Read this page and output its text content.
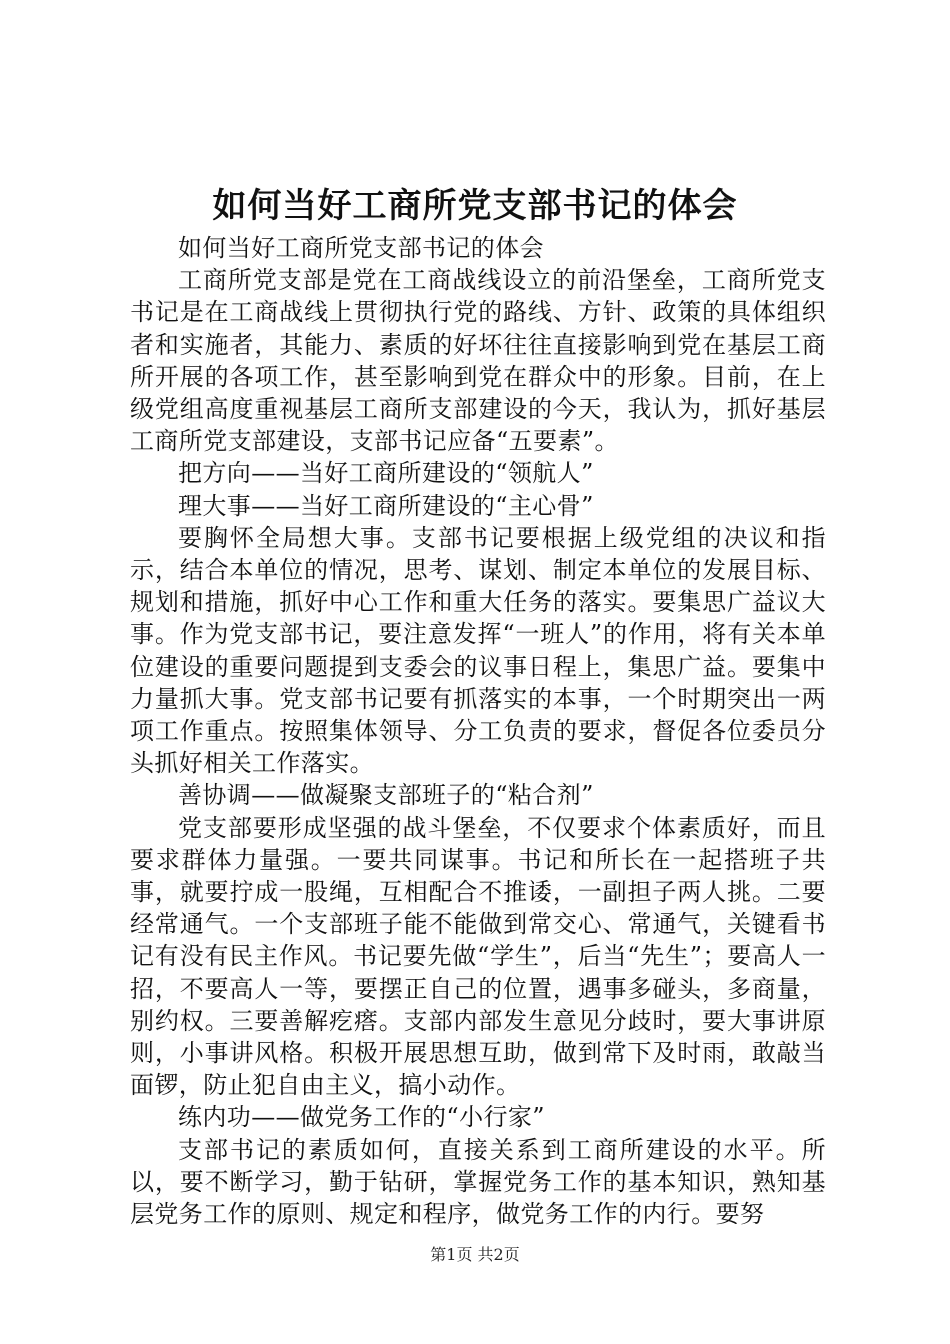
如何当好工商所党支部书记的体会

如何当好工商所党支部书记的体会

工商所党支部是党在工商战线设立的前沿堡垒，工商所党支书记是在工商战线上贯彻执行党的路线、方针、政策的具体组织者和实施者，其能力、素质的好坏往往直接影响到党在基层工商所开展的各项工作，甚至影响到党在群众中的形象。目前，在上级党组高度重视基层工商所支部建设的今天，我认为，抓好基层工商所党支部建设，支部书记应备“五要素”。

把方向——当好工商所建设的“领航人”

理大事——当好工商所建设的“主心骨”

要胸怀全局想大事。支部书记要根据上级党组的决议和指示，结合本单位的情况，思考、谋划、制定本单位的发展目标、规划和措施，抓好中心工作和重大任务的落实。要集思广益议大事。作为党支部书记，要注意发挥“一班人”的作用，将有关本单位建设的重要问题提到支委会的议事日程上，集思广益。要集中力量抓大事。党支部书记要有抓落实的本事，一个时期突出一两项工作重点。按照集体领导、分工负责的要求，督促各位委员分头抓好相关工作落实。

善协调——做凝聚支部班子的“粘合剂”

党支部要形成坚强的战斗堡垒，不仅要求个体素质好，而且要求群体力量强。一要共同谋事。书记和所长在一起搭班子共事，就要拧成一股绳，互相配合不推诿，一副担子两人挑。二要经常通气。一个支部班子能不能做到常交心、常通气，关键看书记有没有民主作风。书记要先做“学生”，后当“先生”；要高人一招，不要高人一等，要摆正自己的位置，遇事多碰头，多商量，别约权。三要善解疙瘩。支部内部发生意见分歧时，要大事讲原则，小事讲风格。积极开展思想互助，做到常下及时雨，敢敲当面锣，防止犯自由主义，搞小动作。

练内功——做党务工作的“小行家”

支部书记的素质如何，直接关系到工商所建设的水平。所以，要不断学习，勤于钻研，掌握党务工作的基本知识，熟知基层党务工作的原则、规定和程序，做党务工作的内行。要努

第1页 共2页
